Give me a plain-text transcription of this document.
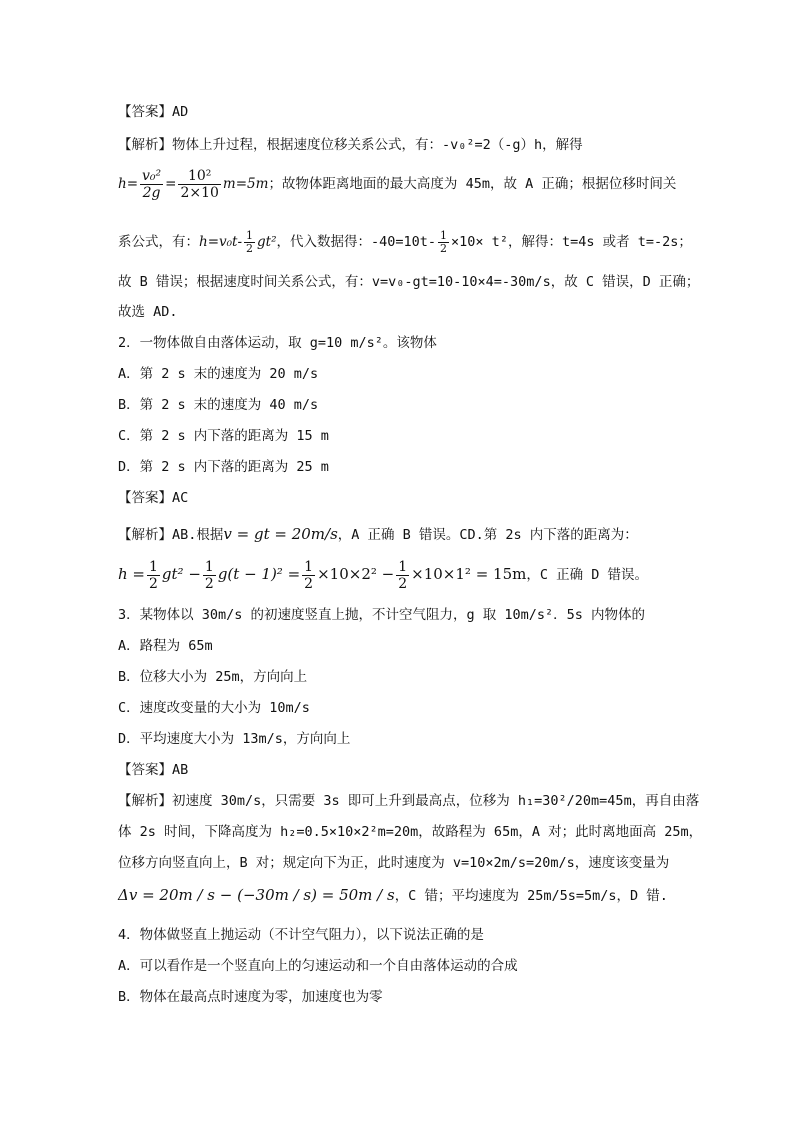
【答案】AD
【解析】物体上升过程，根据速度位移关系公式，有：-v₀²=2（-g）h，解得
$h= \frac{\text{v₀²}}{2g} = \frac{\text{10²}}{2\times 10} m=5m$；故物体距离地面的最大高度为 45m，故 A 正确；根据位移时间关
系公式，有：$h=v_0t- \frac{1}{2} gt^2$，代入数据得：$-40=10t- \frac{1}{2} \times 10\times t^2$，解得：t=4s 或者 t=-2s；
故 B 错误；根据速度时间关系公式，有：v=v₀-gt=10-10×4=-30m/s，故 C 错误，D 正确；
故选 AD.
2．一物体做自由落体运动，取 g=10 m/s²。该物体
A．第 2 s 末的速度为 20 m/s
B．第 2 s 末的速度为 40 m/s
C．第 2 s 内下落的距离为 15 m
D．第 2 s 内下落的距离为 25 m
【答案】AC
【解析】AB.根据v = gt = 20m/s，A 正确 B 错误。CD.第 2s 内下落的距离为：
$h = \frac{1}{2} gt^2 - \frac{1}{2} g(t - 1)^2 = \frac{1}{2} \times 10\times 2^2 - \frac{1}{2} \times 10\times 1^2 = 15m$，C 正确 D 错误。
3．某物体以 30m/s 的初速度竖直上抛，不计空气阻力，g 取 10m/s²．5s 内物体的
A．路程为 65m
B．位移大小为 25m，方向向上
C．速度改变量的大小为 10m/s
D．平均速度大小为 13m/s，方向向上
【答案】AB
【解析】初速度 30m/s，只需要 3s 即可上升到最高点，位移为 h₁=30²/20m=45m，再自由落
体 2s 时间，下降高度为 h₂=0.5×10×2²m=20m，故路程为 65m，A 对；此时离地面高 25m，
位移方向竖直向上，B 对；规定向下为正，此时速度为 v=10×2m/s=20m/s，速度该变量为
Δv = 20m / s − (−30m / s) = 50m / s，C 错；平均速度为 25m/5s=5m/s，D 错.
4．物体做竖直上抛运动（不计空气阻力），以下说法正确的是
A．可以看作是一个竖直向上的匀速运动和一个自由落体运动的合成
B．物体在最高点时速度为零，加速度也为零
